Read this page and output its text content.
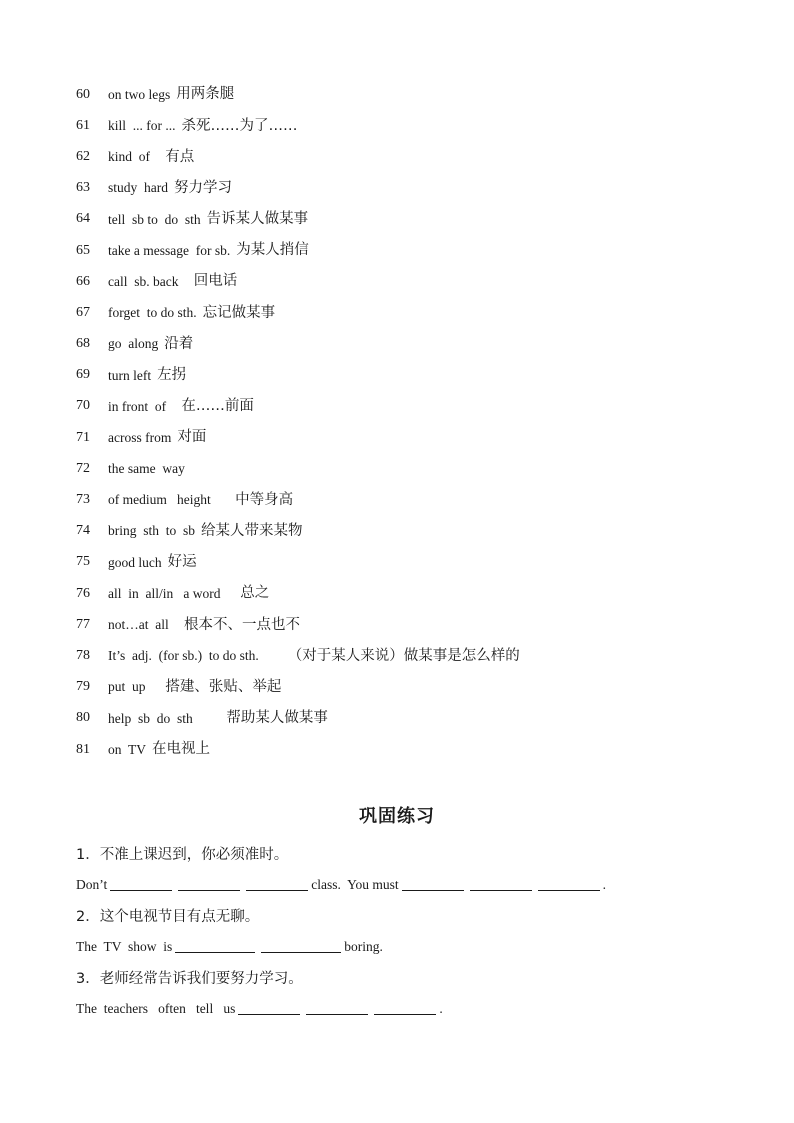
60	on two legs 用两条腿
61	kill  ... for ... 杀死……为了……
62	kind  of 有点
63	study  hard 努力学习
64	tell  sb to  do  sth 告诉某人做某事
65	take a message  for sb. 为某人捎信
66	call  sb. back 回电话
67	forget  to do sth. 忘记做某事
68	go  along 沿着
69	turn left 左拐
70	in front  of 在……前面
71	across from 对面
72	the same  way
73	of medium   height 中等身高
74	bring  sth  to  sb 给某人带来某物
75	good luch 好运
76	all  in  all/in   a word 总之
77	not…at  all 根本不、一点也不
78	It’s  adj.  (for sb.)  to do sth. （对于某人来说）做某事是怎么样的
79	put  up 搭建、张贴、举起
80	help  sb  do  sth 帮助某人做某事
81	on  TV 在电视上
巩固练习
1．不准上课迟到，你必须准时。
Don’t	class.  You must	.
2．这个电视节目有点无聊。
The  TV  show  is	boring.
3．老师经常告诉我们要努力学习。
The  teachers   often   tell   us	.
